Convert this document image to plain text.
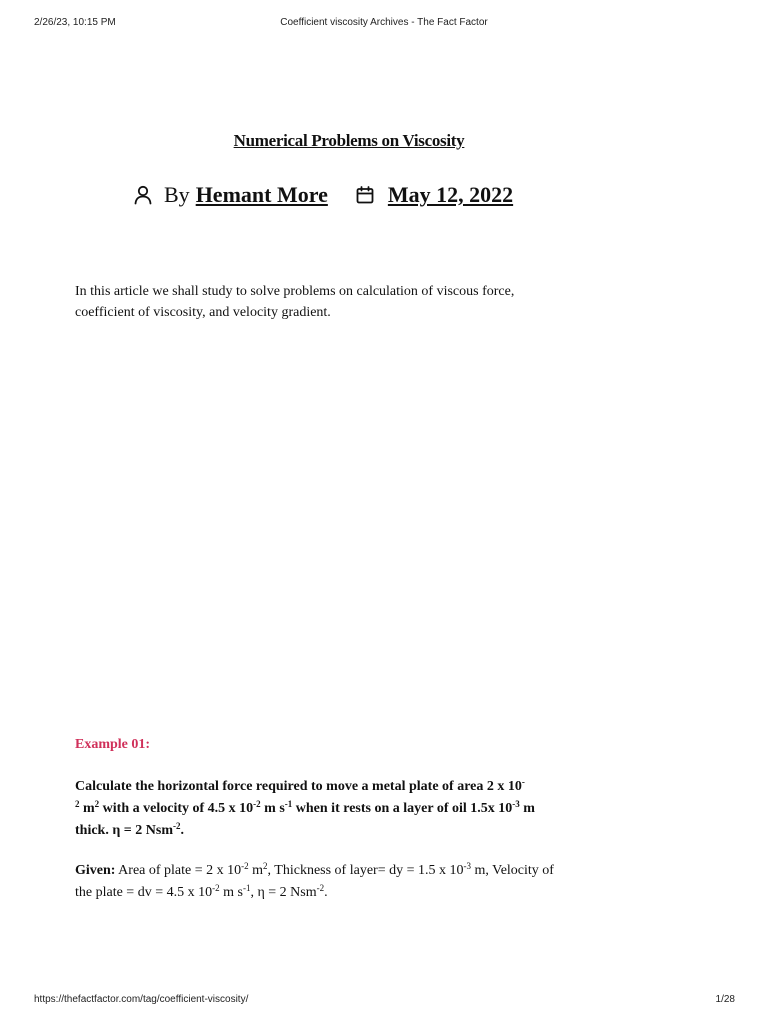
2/26/23, 10:15 PM	Coefficient viscosity Archives - The Fact Factor
Numerical Problems on Viscosity
By Hemant More	May 12, 2022
In this article we shall study to solve problems on calculation of viscous force,
coefficient of viscosity, and velocity gradient.
Example 01:
Calculate the horizontal force required to move a metal plate of area 2 x 10-
$^2$ $m^2$ with a velocity of 4.5 x $10^{-2}$ m $s^{-1}$ when it rests on a layer of oil 1.5x $10^{-3}$ m
thick. η = 2 Nsm$^{-2}$.
Given: Area of plate = 2 x $10^{-2}$ $m^2$, Thickness of layer= dy = 1.5 x $10^{-3}$ m, Velocity of
the plate = dv = 4.5 x $10^{-2}$ m $s^{-1}$, η = 2 Nsm$^{-2}$.
https://thefactfactor.com/tag/coefficient-viscosity/	1/28
